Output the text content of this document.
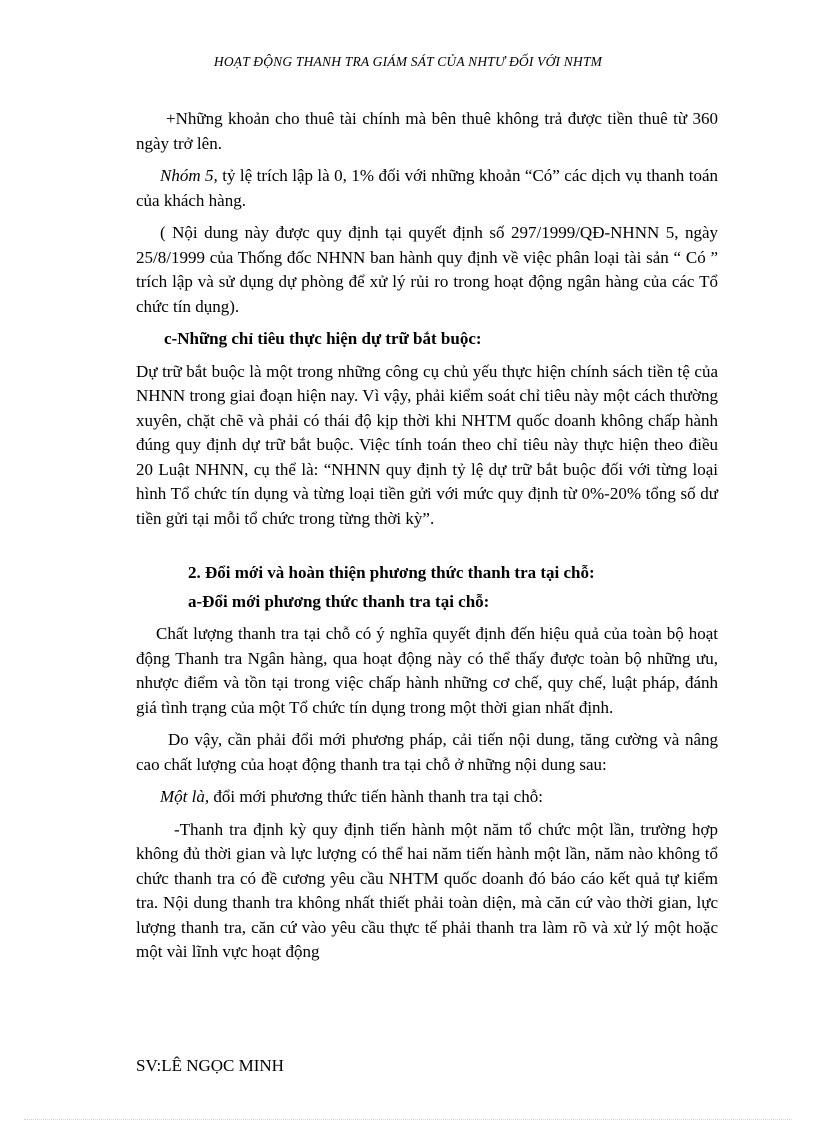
HOẠT ĐỘNG THANH TRA GIÁM SÁT CỦA NHTƯ ĐỐI VỚI NHTM

+Những khoản cho thuê tài chính mà bên thuê không trả được tiền thuê từ 360 ngày trở lên.

Nhóm 5, tỷ lệ trích lập là 0, 1% đối với những khoản “Có” các dịch vụ thanh toán của khách hàng.

( Nội dung này được quy định tại quyết định số 297/1999/QĐ-NHNN 5, ngày 25/8/1999 của Thống đốc NHNN ban hành quy định về việc phân loại tài sản “ Có ” trích lập và sử dụng dự phòng để xử lý rủi ro trong hoạt động ngân hàng của các Tổ chức tín dụng).

c-Những chỉ tiêu thực hiện dự trữ bắt buộc:

Dự trữ bắt buộc là một trong những công cụ chủ yếu thực hiện chính sách tiền tệ của NHNN trong giai đoạn hiện nay. Vì vậy, phải kiểm soát chỉ tiêu này một cách thường xuyên, chặt chẽ và phải có thái độ kịp thời khi NHTM quốc doanh không chấp hành đúng quy định dự trữ bắt buộc. Việc tính toán theo chỉ tiêu này thực hiện theo điều 20 Luật NHNN, cụ thể là: “NHNN quy định tỷ lệ dự trữ bắt buộc đối với từng loại hình Tổ chức tín dụng và từng loại tiền gửi với mức quy định từ 0%-20% tổng số dư tiền gửi tại mỗi tổ chức trong từng thời kỳ”.

2. Đổi mới và hoàn thiện phương thức thanh tra tại chỗ:

a-Đổi mới phương thức thanh tra tại chỗ:

Chất lượng thanh tra tại chỗ có ý nghĩa quyết định đến hiệu quả của toàn bộ hoạt động Thanh tra Ngân hàng, qua hoạt động này có thể thấy được toàn bộ những ưu, nhược điểm và tồn tại trong việc chấp hành những cơ chế, quy chế, luật pháp, đánh giá tình trạng của một Tổ chức tín dụng trong một thời gian nhất định.

Do vậy, cần phải đổi mới phương pháp, cải tiến nội dung, tăng cường và nâng cao chất lượng của hoạt động thanh tra tại chỗ ở những nội dung sau:

Một là, đổi mới phương thức tiến hành thanh tra tại chỗ:

-Thanh tra định kỳ quy định tiến hành một năm tổ chức một lần, trường hợp không đủ thời gian và lực lượng có thể hai năm tiến hành một lần, năm nào không tổ chức thanh tra có đề cương yêu cầu NHTM quốc doanh đó báo cáo kết quả tự kiểm tra. Nội dung thanh tra không nhất thiết phải toàn diện, mà căn cứ vào thời gian, lực lượng thanh tra, căn cứ vào yêu cầu thực tế phải thanh tra làm rõ và xử lý một hoặc một vài lĩnh vực hoạt động

SV:LÊ NGỌC MINH
